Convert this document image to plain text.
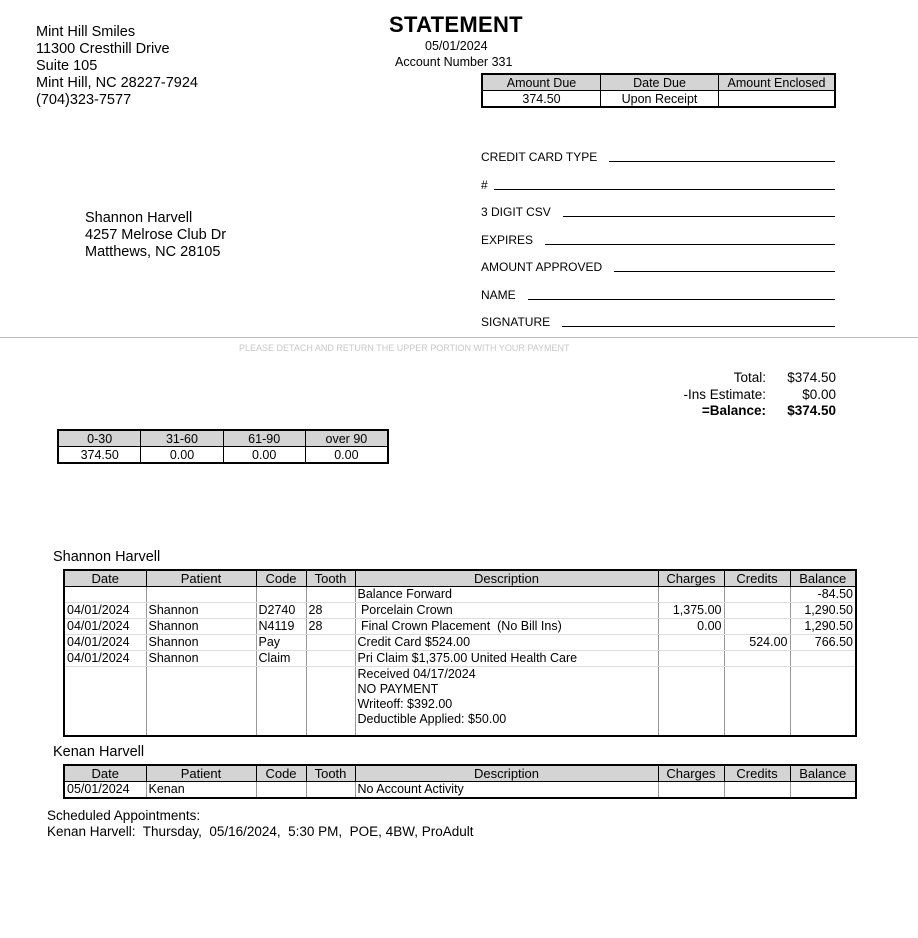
Mint Hill Smiles
11300 Cresthill Drive
Suite 105
Mint Hill, NC 28227-7924
(704)323-7577
STATEMENT
05/01/2024
Account Number 331
Amount Due	Date Due	Amount Enclosed
374.50	Upon Receipt	
CREDIT CARD TYPE
#
3 DIGIT CSV
EXPIRES
AMOUNT APPROVED
NAME
SIGNATURE
Shannon Harvell
4257 Melrose Club Dr
Matthews, NC 28105
PLEASE DETACH AND RETURN THE UPPER PORTION WITH YOUR PAYMENT
Total:	$374.50
-Ins Estimate:	$0.00
=Balance:	$374.50
0-30	31-60	61-90	over 90
374.50	0.00	0.00	0.00
Shannon Harvell
Date	Patient	Code	Tooth	Description	Charges	Credits	Balance
				Balance Forward			-84.50
04/01/2024	Shannon	D2740	28	Porcelain Crown	1,375.00		1,290.50
04/01/2024	Shannon	N4119	28	Final Crown Placement  (No Bill Ins)	0.00		1,290.50
04/01/2024	Shannon	Pay		Credit Card $524.00		524.00	766.50
04/01/2024	Shannon	Claim		Pri Claim $1,375.00 United Health Care			
				Received 04/17/2024			
				NO PAYMENT			
				Writeoff: $392.00			
				Deductible Applied: $50.00			

Kenan Harvell
Date	Patient	Code	Tooth	Description	Charges	Credits	Balance
05/01/2024	Kenan			No Account Activity			
Scheduled Appointments:
Kenan Harvell:  Thursday,  05/16/2024,  5:30 PM,  POE, 4BW, ProAdult
